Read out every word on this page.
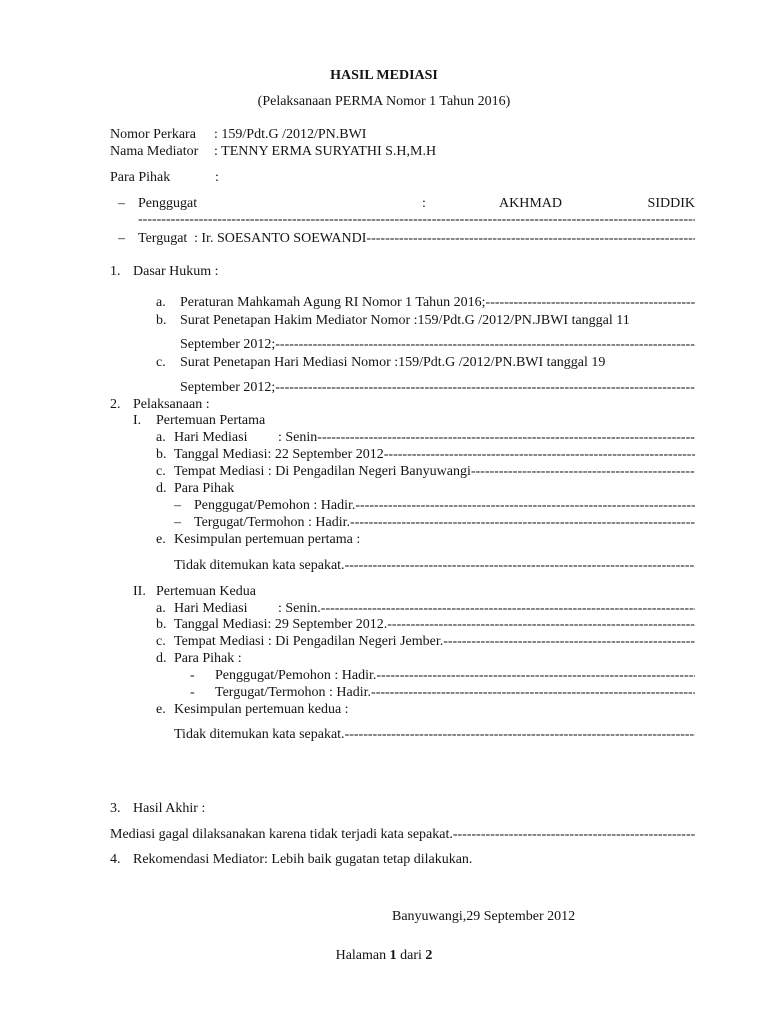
HASIL MEDIASI
(Pelaksanaan PERMA Nomor 1 Tahun 2016)
Nomor Perkara : 159/Pdt.G /2012/PN.BWI
Nama Mediator : TENNY ERMA SURYATHI S.H,M.H
Para Pihak	:
– Penggugat	:	AKHMAD	SIDDIK
-----
– Tergugat : Ir. SOESANTO SOEWANDI
-----
1. Dasar Hukum :
a.	Peraturan Mahkamah Agung RI Nomor 1 Tahun 2016;
-----
b. Surat Penetapan Hakim Mediator Nomor :159/Pdt.G /2012/PN.JBWI tanggal 11
September 2012;
-----
c.	Surat Penetapan Hari Mediasi Nomor :159/Pdt.G /2012/PN.BWI tanggal 19
September 2012;
-----
2. Pelaksanaan :
I. Pertemuan Pertama
a. Hari Mediasi	: Senin
-----
b. Tanggal Mediasi: 22 September 2012
-----
c. Tempat Mediasi : Di Pengadilan Negeri Banyuwangi
-----
d. Para Pihak
– Penggugat/Pemohon : Hadir.
-----
– Tergugat/Termohon : Hadir.
-----
e. Kesimpulan pertemuan pertama :
Tidak ditemukan kata sepakat.
-----
II. Pertemuan Kedua
a. Hari Mediasi	: Senin.
-----
b. Tanggal Mediasi: 29 September 2012.
-----
c. Tempat Mediasi : Di Pengadilan Negeri Jember.
-----
d. Para Pihak :
-	Penggugat/Pemohon : Hadir.
-----
-	Tergugat/Termohon : Hadir.
-----
e. Kesimpulan pertemuan kedua :
Tidak ditemukan kata sepakat.
-----
3. Hasil Akhir :
Mediasi gagal dilaksanakan karena tidak terjadi kata sepakat.
-----
4. Rekomendasi Mediator: Lebih baik gugatan tetap dilakukan.
Banyuwangi,29 September 2012
Halaman 1 dari 2
